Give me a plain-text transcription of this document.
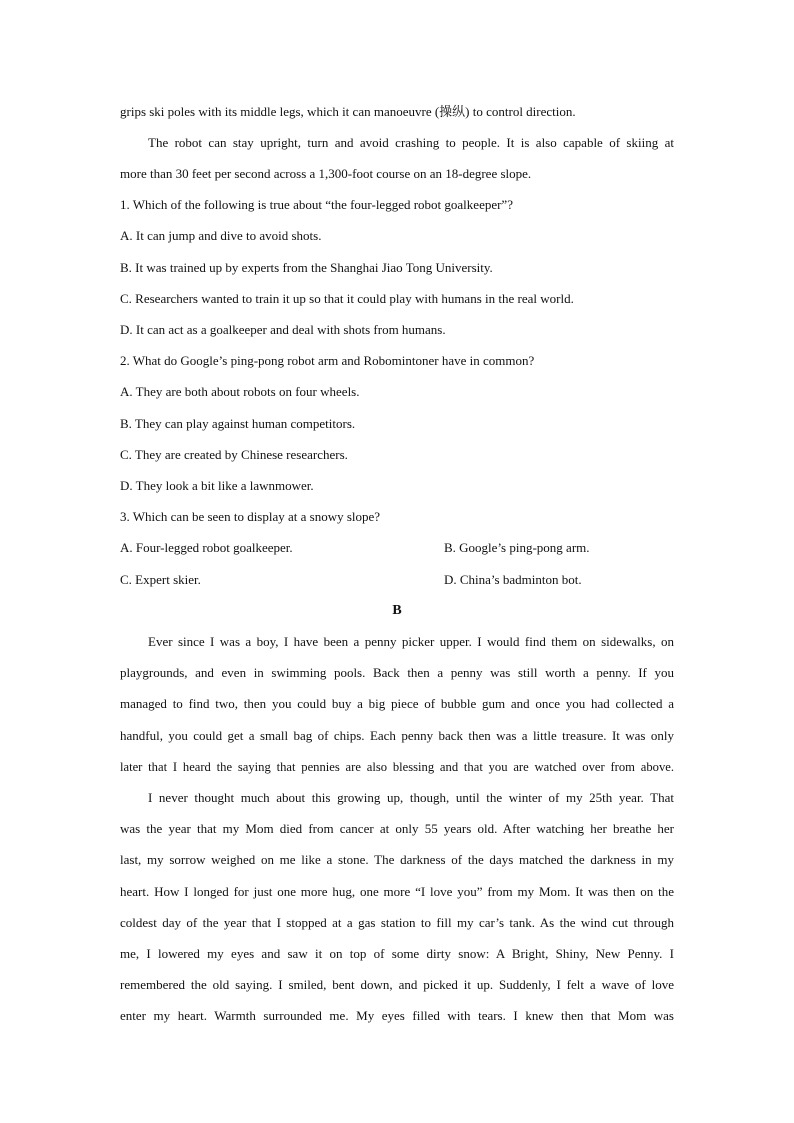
grips ski poles with its middle legs, which it can manoeuvre (操纵) to control direction.
The robot can stay upright, turn and avoid crashing to people. It is also capable of skiing at
more than 30 feet per second across a 1,300-foot course on an 18-degree slope.
1. Which of the following is true about “the four-legged robot goalkeeper”?
A. It can jump and dive to avoid shots.
B. It was trained up by experts from the Shanghai Jiao Tong University.
C. Researchers wanted to train it up so that it could play with humans in the real world.
D. It can act as a goalkeeper and deal with shots from humans.
2. What do Google’s ping-pong robot arm and Robomintoner have in common?
A. They are both about robots on four wheels.
B. They can play against human competitors.
C. They are created by Chinese researchers.
D. They look a bit like a lawnmower.
3. Which can be seen to display at a snowy slope?
A. Four-legged robot goalkeeper.	B. Google’s ping-pong arm.
C. Expert skier.	D. China’s badminton bot.
B
Ever since I was a boy, I have been a penny picker upper. I would find them on sidewalks, on
playgrounds, and even in swimming pools. Back then a penny was still worth a penny. If you
managed to find two, then you could buy a big piece of bubble gum and once you had collected a
handful, you could get a small bag of chips. Each penny back then was a little treasure. It was only
later that I heard the saying that pennies are also blessing and that you are watched over from above.
I never thought much about this growing up, though, until the winter of my 25th year. That
was the year that my Mom died from cancer at only 55 years old. After watching her breathe her
last, my sorrow weighed on me like a stone. The darkness of the days matched the darkness in my
heart. How I longed for just one more hug, one more “I love you” from my Mom. It was then on the
coldest day of the year that I stopped at a gas station to fill my car’s tank. As the wind cut through
me, I lowered my eyes and saw it on top of some dirty snow: A Bright, Shiny, New Penny. I
remembered the old saying. I smiled, bent down, and picked it up. Suddenly, I felt a wave of love
enter my heart. Warmth surrounded me. My eyes filled with tears. I knew then that Mom was
